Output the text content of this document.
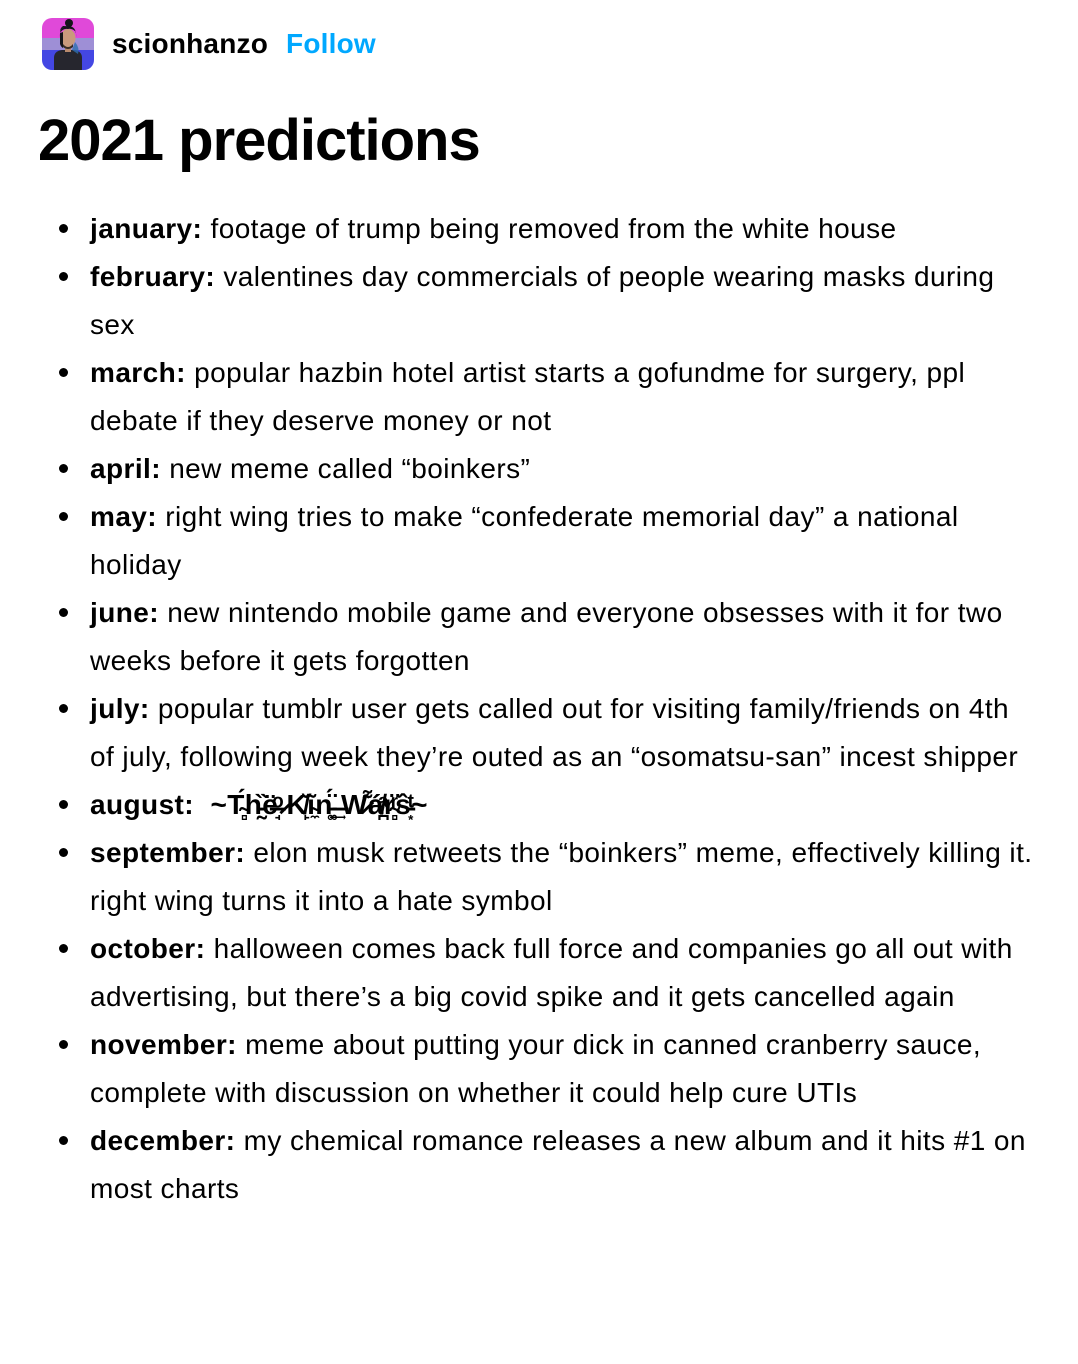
scionhanzo Follow
2021 predictions
january: footage of trump being removed from the white house
february: valentines day commercials of people wearing masks during sex
march: popular hazbin hotel artist starts a gofundme for surgery, ppl debate if they deserve money or not
april: new meme called “boinkers”
may: right wing tries to make “confederate memorial day” a national holiday
june: new nintendo mobile game and everyone obsesses with it for two weeks before it gets forgotten
july: popular tumblr user gets called out for visiting family/friends on 4th of july, following week they’re outed as an “osomatsu-san” incest shipper
august:  ~T̴̻́h̵̰̏ë̶̘ͦ ̷K̸̙̆ĩ̴̼n̵͚̈́͢ ̶W̷͑͌á̸̪ͣr̴̻̈ͬŝ̵͙ͭ~
september: elon musk retweets the “boinkers” meme, effectively killing it. right wing turns it into a hate symbol
october: halloween comes back full force and companies go all out with advertising, but there’s a big covid spike and it gets cancelled again
november: meme about putting your dick in canned cranberry sauce, complete with discussion on whether it could help cure UTIs
december: my chemical romance releases a new album and it hits #1 on most charts
